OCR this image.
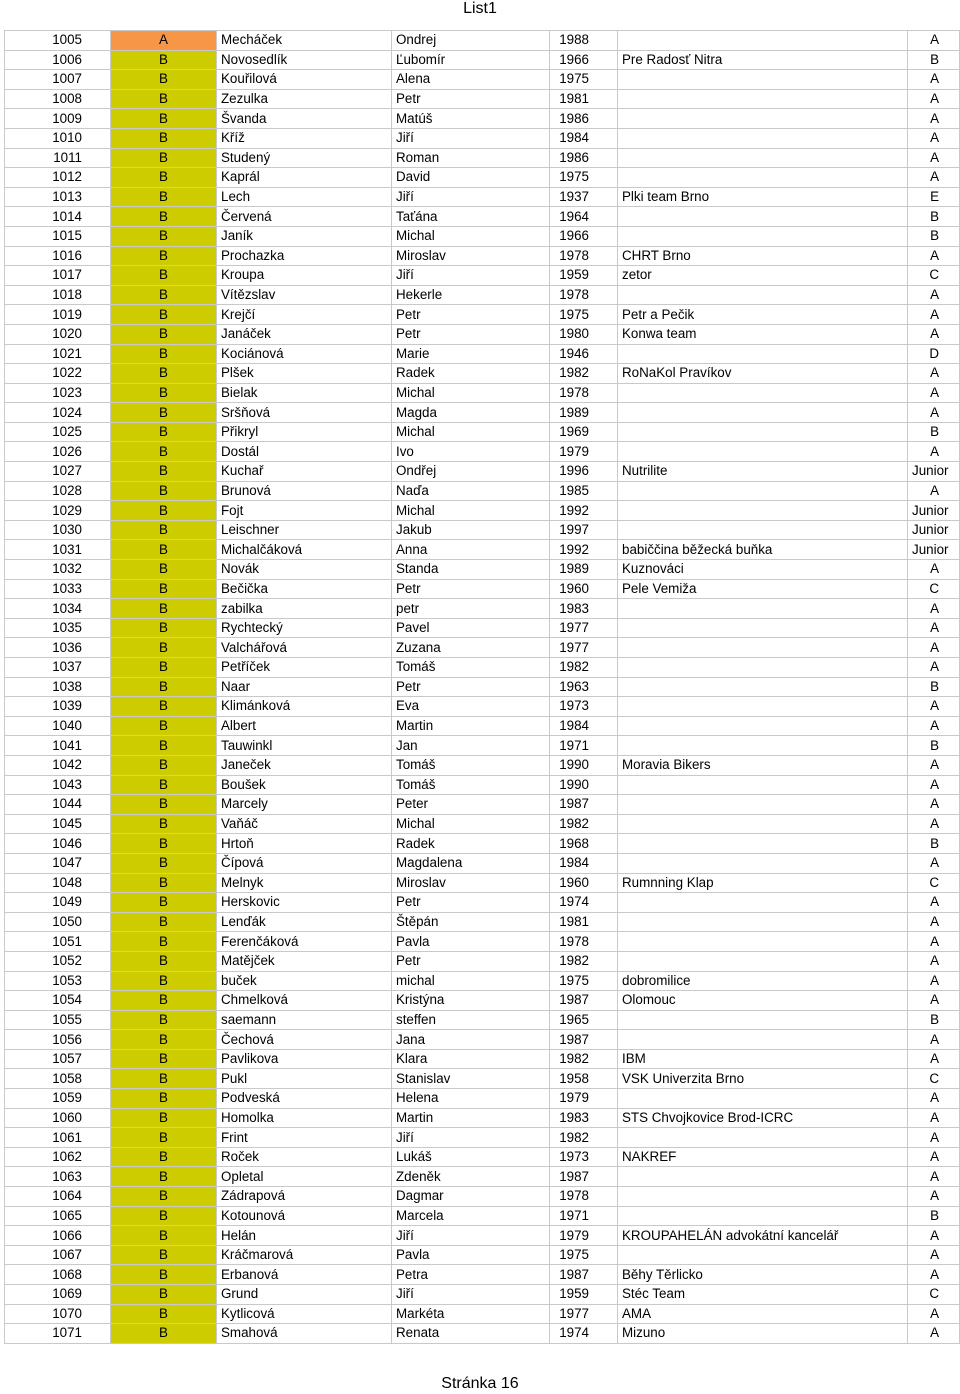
List1
1005	A	Mecháček	Ondrej	1988		A
1006	B	Novosedlík	Ľubomír	1966	Pre Radosť Nitra	B
1007	B	Kouřilová	Alena	1975		A
1008	B	Zezulka	Petr	1981		A
1009	B	Švanda	Matúš	1986		A
1010	B	Kříž	Jiří	1984		A
1011	B	Studený	Roman	1986		A
1012	B	Kaprál	David	1975		A
1013	B	Lech	Jiří	1937	Plki team Brno	E
1014	B	Červená	Taťána	1964		B
1015	B	Janík	Michal	1966		B
1016	B	Prochazka	Miroslav	1978	CHRT Brno	A
1017	B	Kroupa	Jiří	1959	zetor	C
1018	B	Vítězslav	Hekerle	1978		A
1019	B	Krejčí	Petr	1975	Petr a Pečik	A
1020	B	Janáček	Petr	1980	Konwa team	A
1021	B	Kociánová	Marie	1946		D
1022	B	Plšek	Radek	1982	RoNaKol Pravíkov	A
1023	B	Bielak	Michal	1978		A
1024	B	Sršňová	Magda	1989		A
1025	B	Přikryl	Michal	1969		B
1026	B	Dostál	Ivo	1979		A
1027	B	Kuchař	Ondřej	1996	Nutrilite	Junior
1028	B	Brunová	Naďa	1985		A
1029	B	Fojt	Michal	1992		Junior
1030	B	Leischner	Jakub	1997		Junior
1031	B	Michalčáková	Anna	1992	babiččina běžecká buňka	Junior
1032	B	Novák	Standa	1989	Kuznováci	A
1033	B	Bečička	Petr	1960	Pele Vemiža	C
1034	B	zabilka	petr	1983		A
1035	B	Rychtecký	Pavel	1977		A
1036	B	Valchářová	Zuzana	1977		A
1037	B	Petříček	Tomáš	1982		A
1038	B	Naar	Petr	1963		B
1039	B	Klimánková	Eva	1973		A
1040	B	Albert	Martin	1984		A
1041	B	Tauwinkl	Jan	1971		B
1042	B	Janeček	Tomáš	1990	Moravia Bikers	A
1043	B	Boušek	Tomáš	1990		A
1044	B	Marcely	Peter	1987		A
1045	B	Vaňáč	Michal	1982		A
1046	B	Hrtoň	Radek	1968		B
1047	B	Čípová	Magdalena	1984		A
1048	B	Melnyk	Miroslav	1960	Rumnning Klap	C
1049	B	Herskovic	Petr	1974		A
1050	B	Lenďák	Štěpán	1981		A
1051	B	Ferenčáková	Pavla	1978		A
1052	B	Matějček	Petr	1982		A
1053	B	buček	michal	1975	dobromilice	A
1054	B	Chmelková	Kristýna	1987	Olomouc	A
1055	B	saemann	steffen	1965		B
1056	B	Čechová	Jana	1987		A
1057	B	Pavlikova	Klara	1982	IBM	A
1058	B	Pukl	Stanislav	1958	VSK Univerzita Brno	C
1059	B	Podveská	Helena	1979		A
1060	B	Homolka	Martin	1983	STS Chvojkovice Brod-ICRC	A
1061	B	Frint	Jiří	1982		A
1062	B	Roček	Lukáš	1973	NAKREF	A
1063	B	Opletal	Zdeněk	1987		A
1064	B	Zádrapová	Dagmar	1978		A
1065	B	Kotounová	Marcela	1971		B
1066	B	Helán	Jiří	1979	KROUPAHELÁN advokátní kancelář	A
1067	B	Kráčmarová	Pavla	1975		A
1068	B	Erbanová	Petra	1987	Běhy Těrlicko	A
1069	B	Grund	Jiří	1959	Stéc Team	C
1070	B	Kytlicová	Markéta	1977	AMA	A
1071	B	Smahová	Renata	1974	Mizuno	A
Stránka 16
